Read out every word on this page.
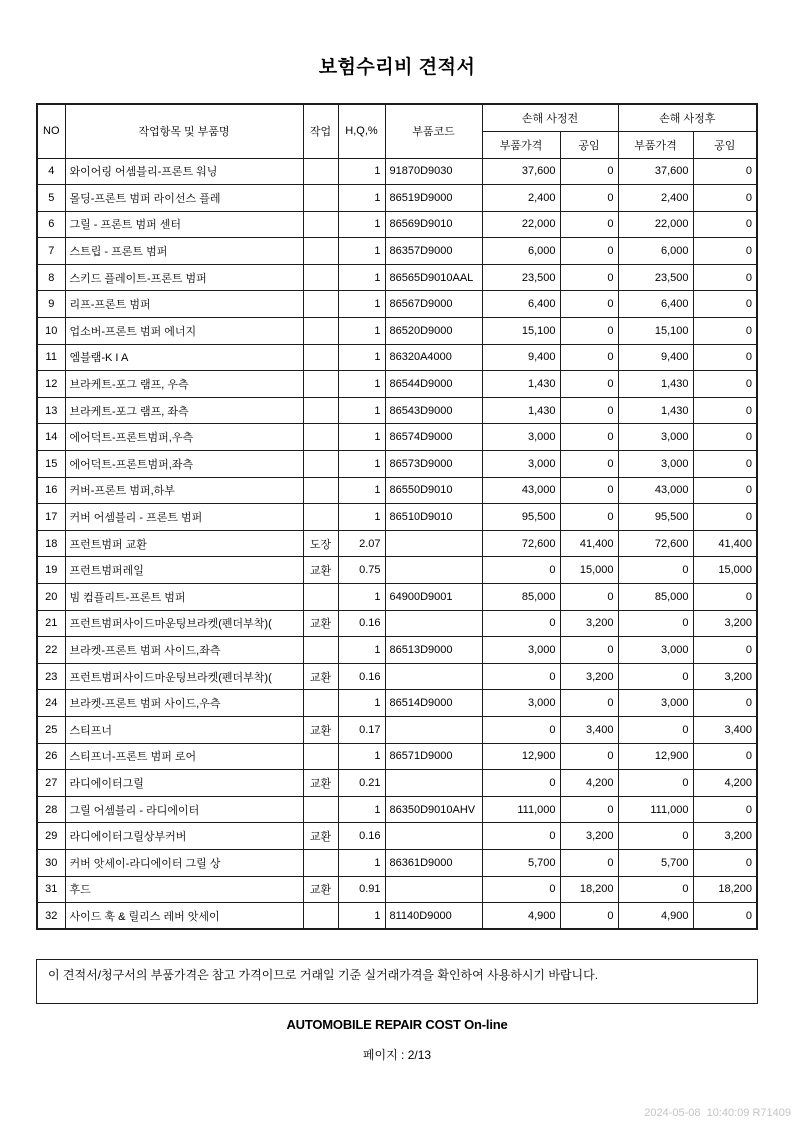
보험수리비 견적서
NO	작업항목 및 부품명	작업	H,Q,%	부품코드	손해 사정전		손해 사정후	
					부품가격	공임	부품가격	공임
4	와이어링 어셈블리-프론트 워닝		1	91870D9030	37,600	0	37,600	0
5	몰딩-프론트 범퍼 라이선스 플레		1	86519D9000	2,400	0	2,400	0
6	그릴 - 프론트 범퍼 센터		1	86569D9010	22,000	0	22,000	0
7	스트립 - 프론트 범퍼		1	86357D9000	6,000	0	6,000	0
8	스키드 플레이트-프론트 범퍼		1	86565D9010AAL	23,500	0	23,500	0
9	리프-프론트 범퍼		1	86567D9000	6,400	0	6,400	0
10	업소버-프론트 범퍼 에너지		1	86520D9000	15,100	0	15,100	0
11	엠블램-K I A		1	86320A4000	9,400	0	9,400	0
12	브라케트-포그 램프, 우측		1	86544D9000	1,430	0	1,430	0
13	브라케트-포그 램프, 좌측		1	86543D9000	1,430	0	1,430	0
14	에어덕트-프론트범퍼,우측		1	86574D9000	3,000	0	3,000	0
15	에어덕트-프론트범퍼,좌측		1	86573D9000	3,000	0	3,000	0
16	커버-프론트 범퍼,하부		1	86550D9010	43,000	0	43,000	0
17	커버 어셈블리 - 프론트 범퍼		1	86510D9010	95,500	0	95,500	0
18	프런트범퍼 교환	도장	2.07		72,600	41,400	72,600	41,400
19	프런트범퍼레일	교환	0.75		0	15,000	0	15,000
20	빔 컴플리트-프론트 범퍼		1	64900D9001	85,000	0	85,000	0
21	프런트범퍼사이드마운팅브라켓(펜더부착)(	교환	0.16		0	3,200	0	3,200
22	브라켓-프론트 범퍼 사이드,좌측		1	86513D9000	3,000	0	3,000	0
23	프런트범퍼사이드마운팅브라켓(펜더부착)(	교환	0.16		0	3,200	0	3,200
24	브라켓-프론트 범퍼 사이드,우측		1	86514D9000	3,000	0	3,000	0
25	스티프너	교환	0.17		0	3,400	0	3,400
26	스티프너-프론트 범퍼 로어		1	86571D9000	12,900	0	12,900	0
27	라디에이터그릴	교환	0.21		0	4,200	0	4,200
28	그릴 어셈블리 - 라디에이터		1	86350D9010AHV	111,000	0	111,000	0
29	라디에이터그릴상부커버	교환	0.16		0	3,200	0	3,200
30	커버 앗세이-라디에이터 그릴 상		1	86361D9000	5,700	0	5,700	0
31	후드	교환	0.91		0	18,200	0	18,200
32	사이드 훅 & 릴리스 레버 앗세이		1	81140D9000	4,900	0	4,900	0
이 견적서/청구서의 부품가격은 참고 가격이므로 거래일 기준 실거래가격을 확인하여 사용하시기 바랍니다.
AUTOMOBILE REPAIR COST On-line
페이지 : 2/13
2024-05-08  10:40:09 R71409
